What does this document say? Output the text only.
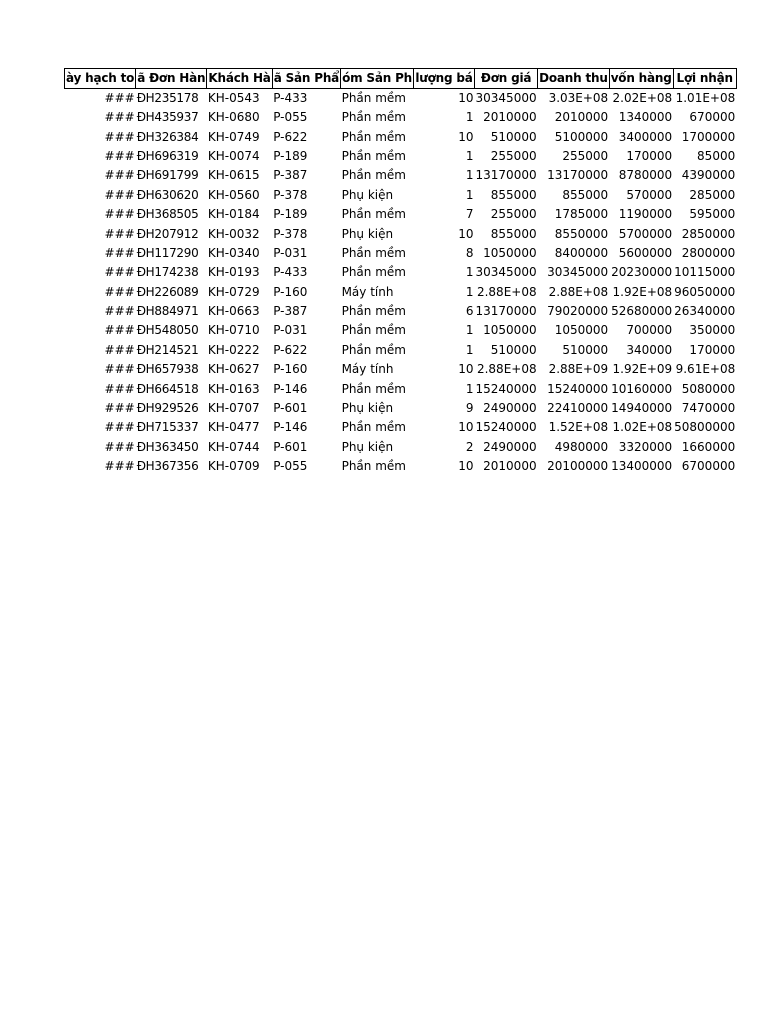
ày hạch to	ã Đơn Hàn	Khách Hà	ã Sản Phẩ	óm Sản Ph	lượng bá	Đơn giá	Doanh thu	vốn hàng	Lợi nhận

###	ĐH235178	KH-0543	P-433	Phần mềm	10	30345000	3.03E+08	2.02E+08	1.01E+08
###	ĐH435937	KH-0680	P-055	Phần mềm	1	2010000	2010000	1340000	670000
###	ĐH326384	KH-0749	P-622	Phần mềm	10	510000	5100000	3400000	1700000
###	ĐH696319	KH-0074	P-189	Phần mềm	1	255000	255000	170000	85000
###	ĐH691799	KH-0615	P-387	Phần mềm	1	13170000	13170000	8780000	4390000
###	ĐH630620	KH-0560	P-378	Phụ kiện	1	855000	855000	570000	285000
###	ĐH368505	KH-0184	P-189	Phần mềm	7	255000	1785000	1190000	595000
###	ĐH207912	KH-0032	P-378	Phụ kiện	10	855000	8550000	5700000	2850000
###	ĐH117290	KH-0340	P-031	Phần mềm	8	1050000	8400000	5600000	2800000
###	ĐH174238	KH-0193	P-433	Phần mềm	1	30345000	30345000	20230000	10115000
###	ĐH226089	KH-0729	P-160	Máy tính	1	2.88E+08	2.88E+08	1.92E+08	96050000
###	ĐH884971	KH-0663	P-387	Phần mềm	6	13170000	79020000	52680000	26340000
###	ĐH548050	KH-0710	P-031	Phần mềm	1	1050000	1050000	700000	350000
###	ĐH214521	KH-0222	P-622	Phần mềm	1	510000	510000	340000	170000
###	ĐH657938	KH-0627	P-160	Máy tính	10	2.88E+08	2.88E+09	1.92E+09	9.61E+08
###	ĐH664518	KH-0163	P-146	Phần mềm	1	15240000	15240000	10160000	5080000
###	ĐH929526	KH-0707	P-601	Phụ kiện	9	2490000	22410000	14940000	7470000
###	ĐH715337	KH-0477	P-146	Phần mềm	10	15240000	1.52E+08	1.02E+08	50800000
###	ĐH363450	KH-0744	P-601	Phụ kiện	2	2490000	4980000	3320000	1660000
###	ĐH367356	KH-0709	P-055	Phần mềm	10	2010000	20100000	13400000	6700000
